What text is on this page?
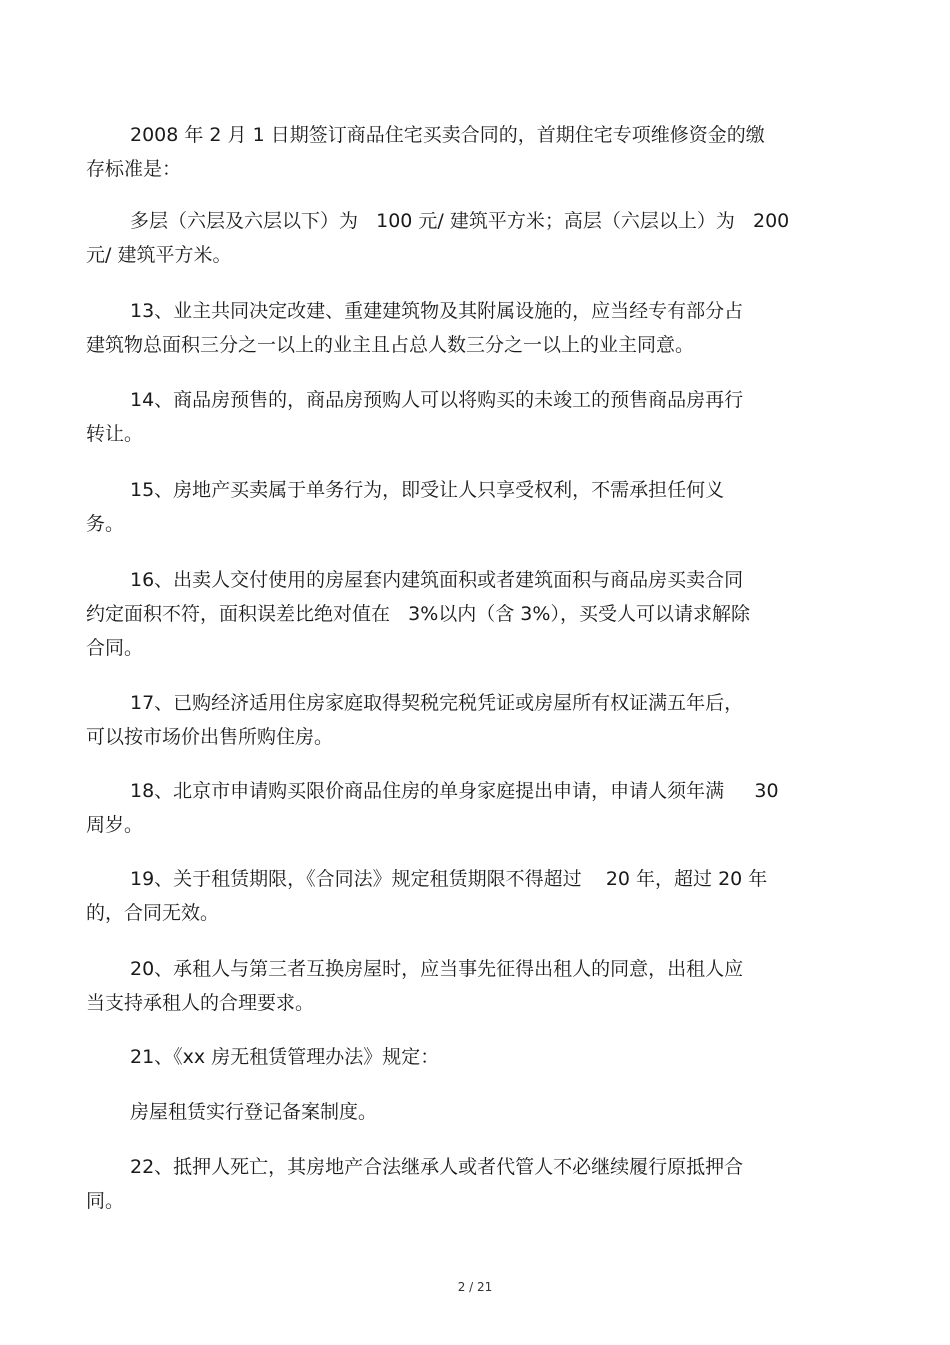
2008 年 2 月 1 日期签订商品住宅买卖合同的，首期住宅专项维修资金的缴
存标准是：
多层（六层及六层以下）为   100 元/ 建筑平方米；高层（六层以上）为   200
元/ 建筑平方米。
13、业主共同决定改建、重建建筑物及其附属设施的，应当经专有部分占
建筑物总面积三分之一以上的业主且占总人数三分之一以上的业主同意。
14、商品房预售的，商品房预购人可以将购买的未竣工的预售商品房再行
转让。
15、房地产买卖属于单务行为，即受让人只享受权利，不需承担任何义
务。
16、出卖人交付使用的房屋套内建筑面积或者建筑面积与商品房买卖合同
约定面积不符，面积误差比绝对值在   3%以内（含 3%），买受人可以请求解除
合同。
17、已购经济适用住房家庭取得契税完税凭证或房屋所有权证满五年后，
可以按市场价出售所购住房。
18、北京市申请购买限价商品住房的单身家庭提出申请，申请人须年满     30
周岁。
19、关于租赁期限，《合同法》规定租赁期限不得超过    20 年，超过 20 年
的，合同无效。
20、承租人与第三者互换房屋时，应当事先征得出租人的同意，出租人应
当支持承租人的合理要求。
21、《xx 房无租赁管理办法》规定：
房屋租赁实行登记备案制度。
22、抵押人死亡，其房地产合法继承人或者代管人不必继续履行原抵押合
同。
2 / 21
